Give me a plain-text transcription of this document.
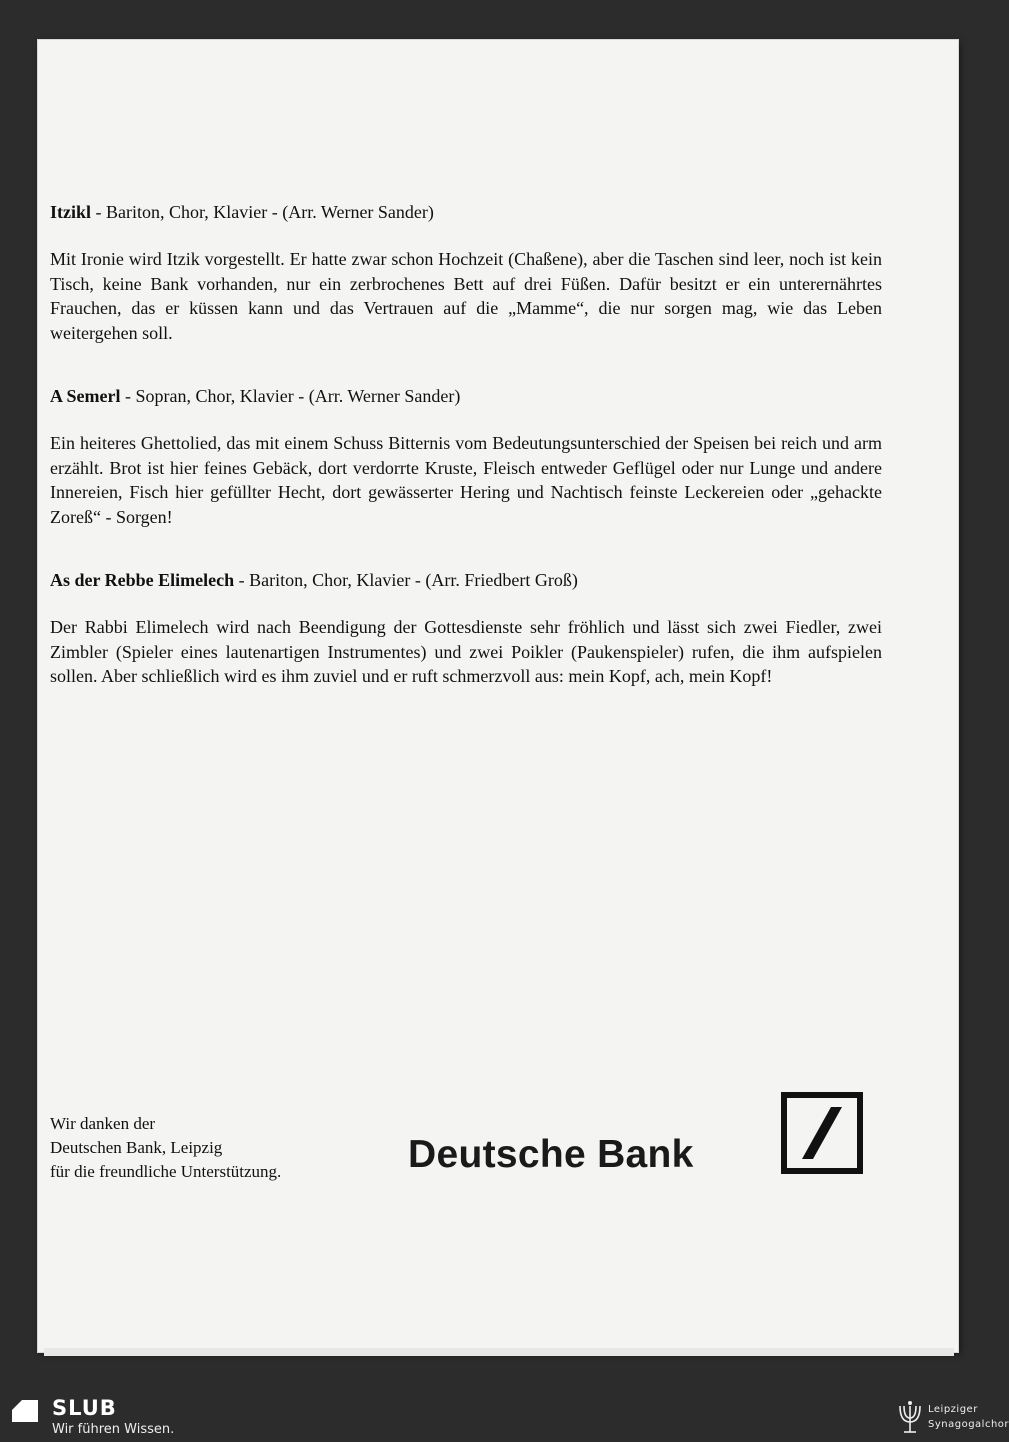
Itzikl - Bariton, Chor, Klavier - (Arr. Werner Sander)
Mit Ironie wird Itzik vorgestellt. Er hatte zwar schon Hochzeit (Chaßene), aber die Taschen sind leer, noch ist kein Tisch, keine Bank vorhanden, nur ein zerbrochenes Bett auf drei Füßen. Dafür besitzt er ein unterernährtes Frauchen, das er küssen kann und das Vertrauen auf die „Mamme“, die nur sorgen mag, wie das Leben weitergehen soll.
A Semerl - Sopran, Chor, Klavier - (Arr. Werner Sander)
Ein heiteres Ghettolied, das mit einem Schuss Bitternis vom Bedeutungsunterschied der Speisen bei reich und arm erzählt. Brot ist hier feines Gebäck, dort verdorrte Kruste, Fleisch entweder Geflügel oder nur Lunge und andere Innereien, Fisch hier gefüllter Hecht, dort gewässerter Hering und Nachtisch feinste Leckereien oder „gehackte Zoreß“ - Sorgen!
As der Rebbe Elimelech - Bariton, Chor, Klavier - (Arr. Friedbert Groß)
Der Rabbi Elimelech wird nach Beendigung der Gottesdienste sehr fröhlich und lässt sich zwei Fiedler, zwei Zimbler (Spieler eines lautenartigen Instrumentes) und zwei Poikler (Paukenspieler) rufen, die ihm aufspielen sollen. Aber schließlich wird es ihm zuviel und er ruft schmerzvoll aus: mein Kopf, ach, mein Kopf!
Wir danken der
Deutschen Bank, Leipzig
für die freundliche Unterstützung.	Deutsche Bank
SLUB
Wir führen Wissen.
Leipziger
Synagogalchor
